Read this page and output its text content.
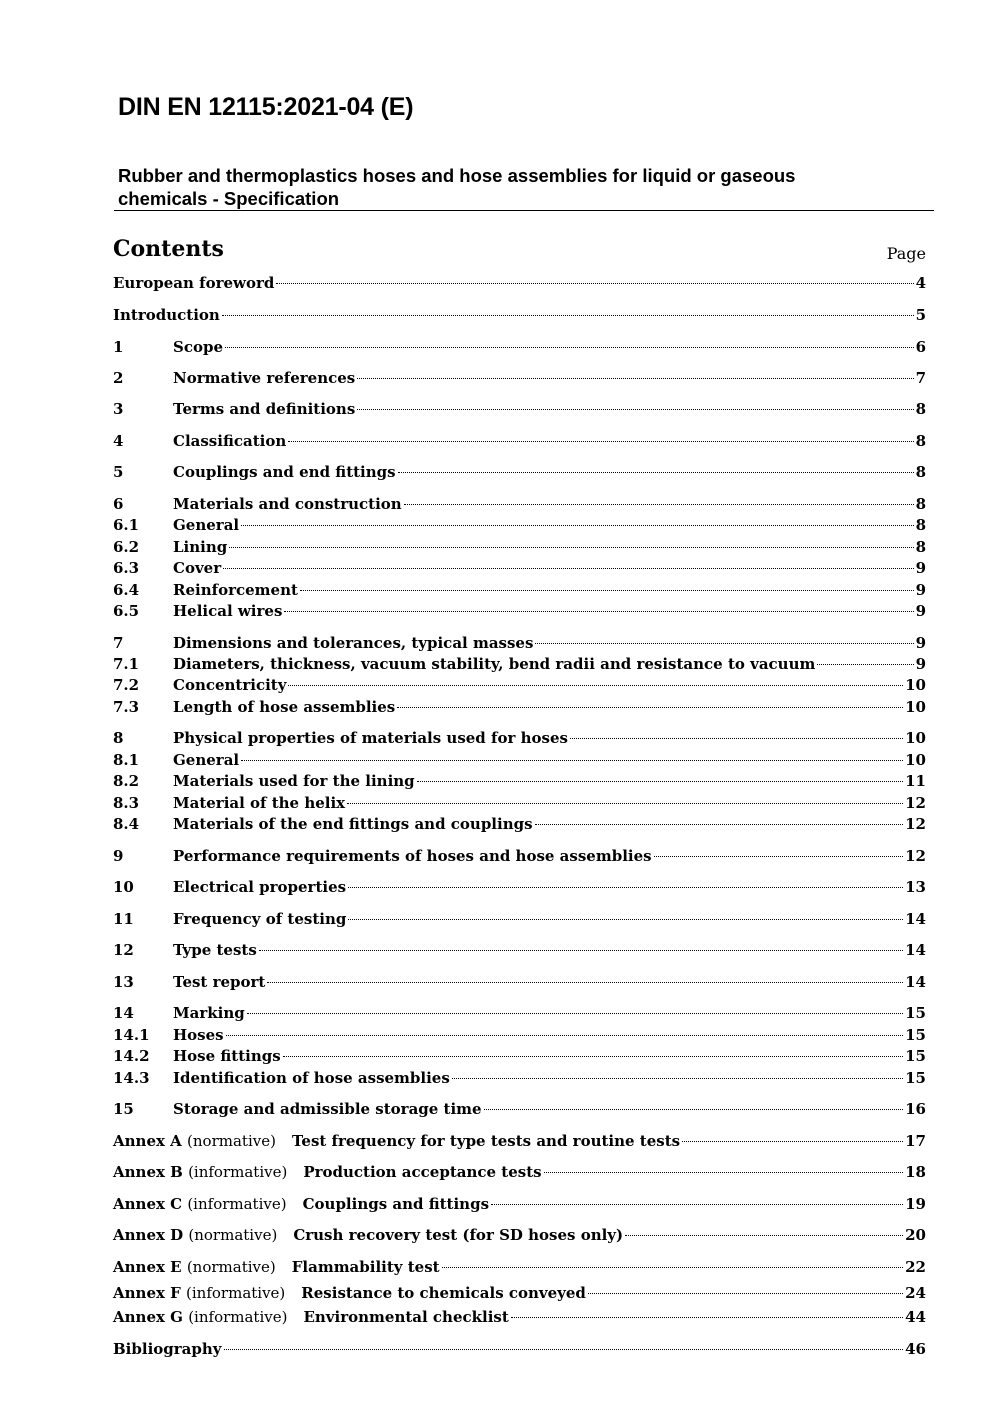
DIN EN 12115:2021-04 (E)
Rubber and thermoplastics hoses and hose assemblies for liquid or gaseous
chemicals - Specification
Contents	Page
European foreword	4
Introduction	5
1	Scope	6
2	Normative references	7
3	Terms and definitions	8
4	Classification	8
5	Couplings and end fittings	8
6	Materials and construction	8
6.1	General	8
6.2	Lining	8
6.3	Cover	9
6.4	Reinforcement	9
6.5	Helical wires	9
7	Dimensions and tolerances, typical masses	9
7.1	Diameters, thickness, vacuum stability, bend radii and resistance to vacuum	9
7.2	Concentricity	10
7.3	Length of hose assemblies	10
8	Physical properties of materials used for hoses	10
8.1	General	10
8.2	Materials used for the lining	11
8.3	Material of the helix	12
8.4	Materials of the end fittings and couplings	12
9	Performance requirements of hoses and hose assemblies	12
10	Electrical properties	13
11	Frequency of testing	14
12	Type tests	14
13	Test report	14
14	Marking	15
14.1	Hoses	15
14.2	Hose fittings	15
14.3	Identification of hose assemblies	15
15	Storage and admissible storage time	16
Annex A (normative) Test frequency for type tests and routine tests	17
Annex B (informative) Production acceptance tests	18
Annex C (informative) Couplings and fittings	19
Annex D (normative) Crush recovery test (for SD hoses only)	20
Annex E (normative) Flammability test	22
Annex F (informative) Resistance to chemicals conveyed	24
Annex G (informative) Environmental checklist	44
Bibliography	46
